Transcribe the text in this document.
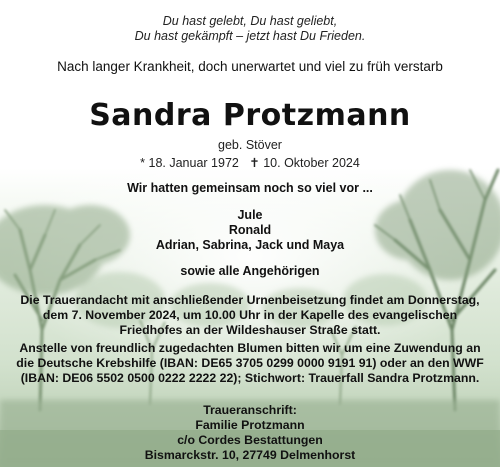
Du hast gelebt, Du hast geliebt,
Du hast gekämpft – jetzt hast Du Frieden.
Nach langer Krankheit, doch unerwartet und viel zu früh verstarb
Sandra Protzmann
geb. Stöver
* 18. Januar 1972   ✝ 10. Oktober 2024
Wir hatten gemeinsam noch so viel vor ...
Jule
Ronald
Adrian, Sabrina, Jack und Maya
sowie alle Angehörigen
Die Trauerandacht mit anschließender Urnenbeisetzung findet am Donnerstag,
dem 7. November 2024, um 10.00 Uhr in der Kapelle des evangelischen
Friedhofes an der Wildeshauser Straße statt.
Anstelle von freundlich zugedachten Blumen bitten wir um eine Zuwendung an
die Deutsche Krebshilfe (IBAN: DE65 3705 0299 0000 9191 91) oder an den WWF
(IBAN: DE06 5502 0500 0222 2222 22); Stichwort: Trauerfall Sandra Protzmann.
Traueranschrift:
Familie Protzmann
c/o Cordes Bestattungen
Bismarckstr. 10, 27749 Delmenhorst
